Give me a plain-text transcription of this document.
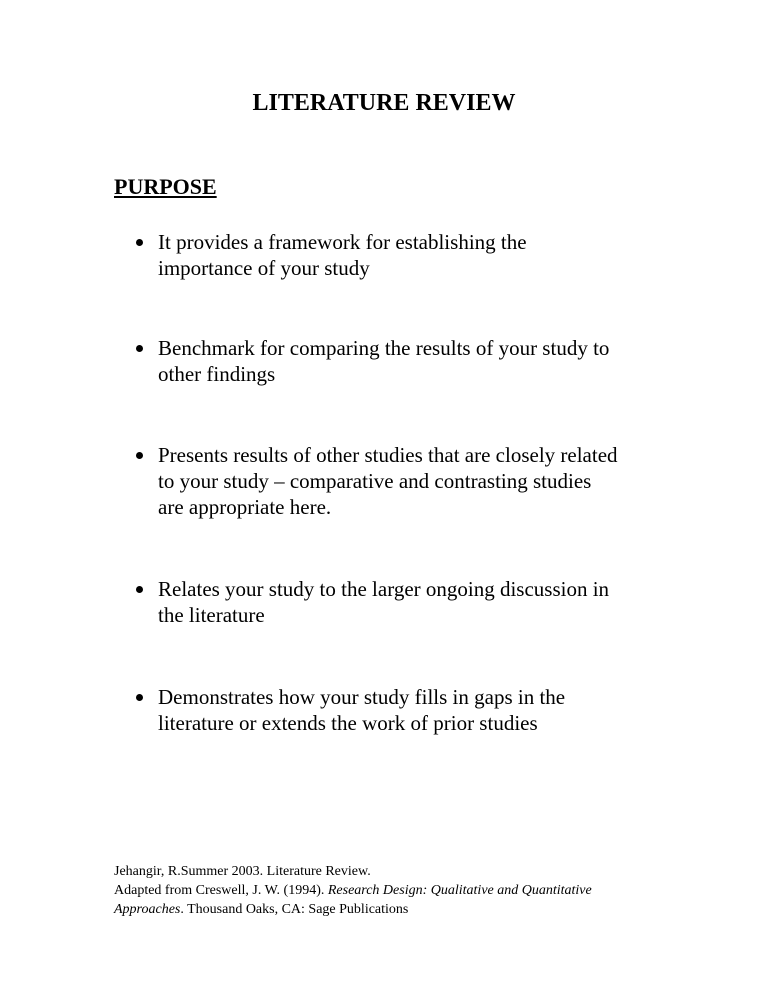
LITERATURE REVIEW
PURPOSE
It provides a framework for establishing the
importance of your study
Benchmark for comparing the results of your study to
other findings
Presents results of other studies that are closely related
to your study – comparative and contrasting studies
are appropriate here.
Relates your study to the larger ongoing discussion in
the literature
Demonstrates how your study fills in gaps in the
literature or extends the work of prior studies
Jehangir, R.Summer 2003. Literature Review.
Adapted from Creswell, J. W. (1994). Research Design: Qualitative and Quantitative
Approaches. Thousand Oaks, CA: Sage Publications
